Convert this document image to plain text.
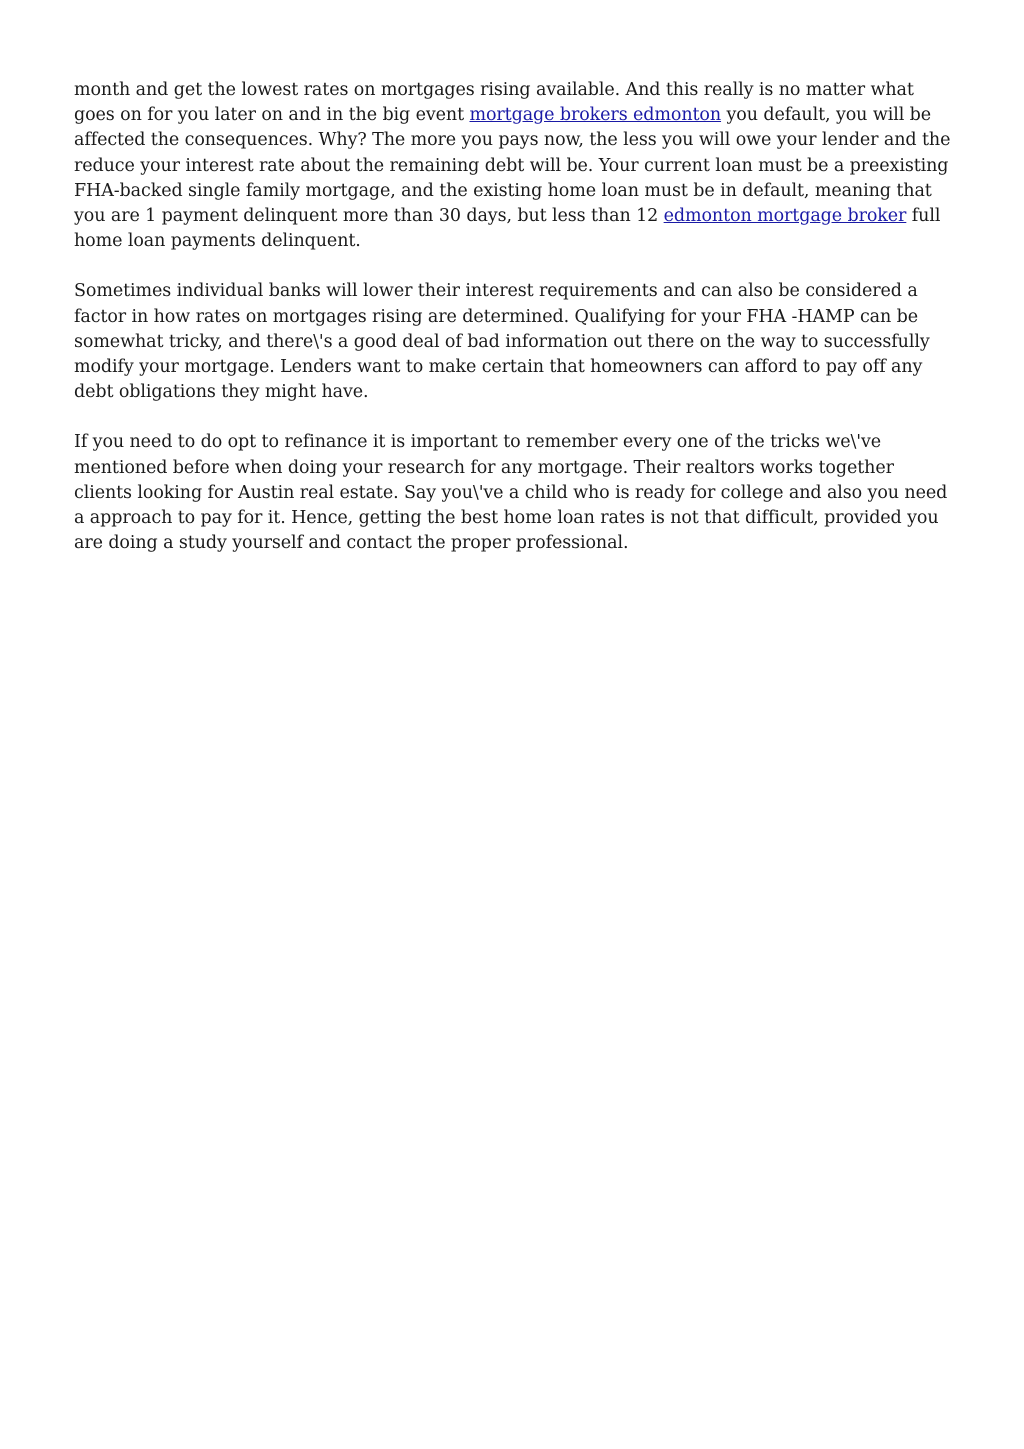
month and get the lowest rates on mortgages rising available. And this really is no matter what goes on for you later on and in the big event mortgage brokers edmonton you default, you will be affected the consequences. Why? The more you pays now, the less you will owe your lender and the reduce your interest rate about the remaining debt will be. Your current loan must be a preexisting FHA-backed single family mortgage, and the existing home loan must be in default, meaning that you are 1 payment delinquent more than 30 days, but less than 12 edmonton mortgage broker full home loan payments delinquent.

Sometimes individual banks will lower their interest requirements and can also be considered a factor in how rates on mortgages rising are determined. Qualifying for your FHA -HAMP can be somewhat tricky, and there\'s a good deal of bad information out there on the way to successfully modify your mortgage. Lenders want to make certain that homeowners can afford to pay off any debt obligations they might have.

If you need to do opt to refinance it is important to remember every one of the tricks we\'ve mentioned before when doing your research for any mortgage. Their realtors works together clients looking for Austin real estate. Say you\'ve a child who is ready for college and also you need a approach to pay for it. Hence, getting the best home loan rates is not that difficult, provided you are doing a study yourself and contact the proper professional.
